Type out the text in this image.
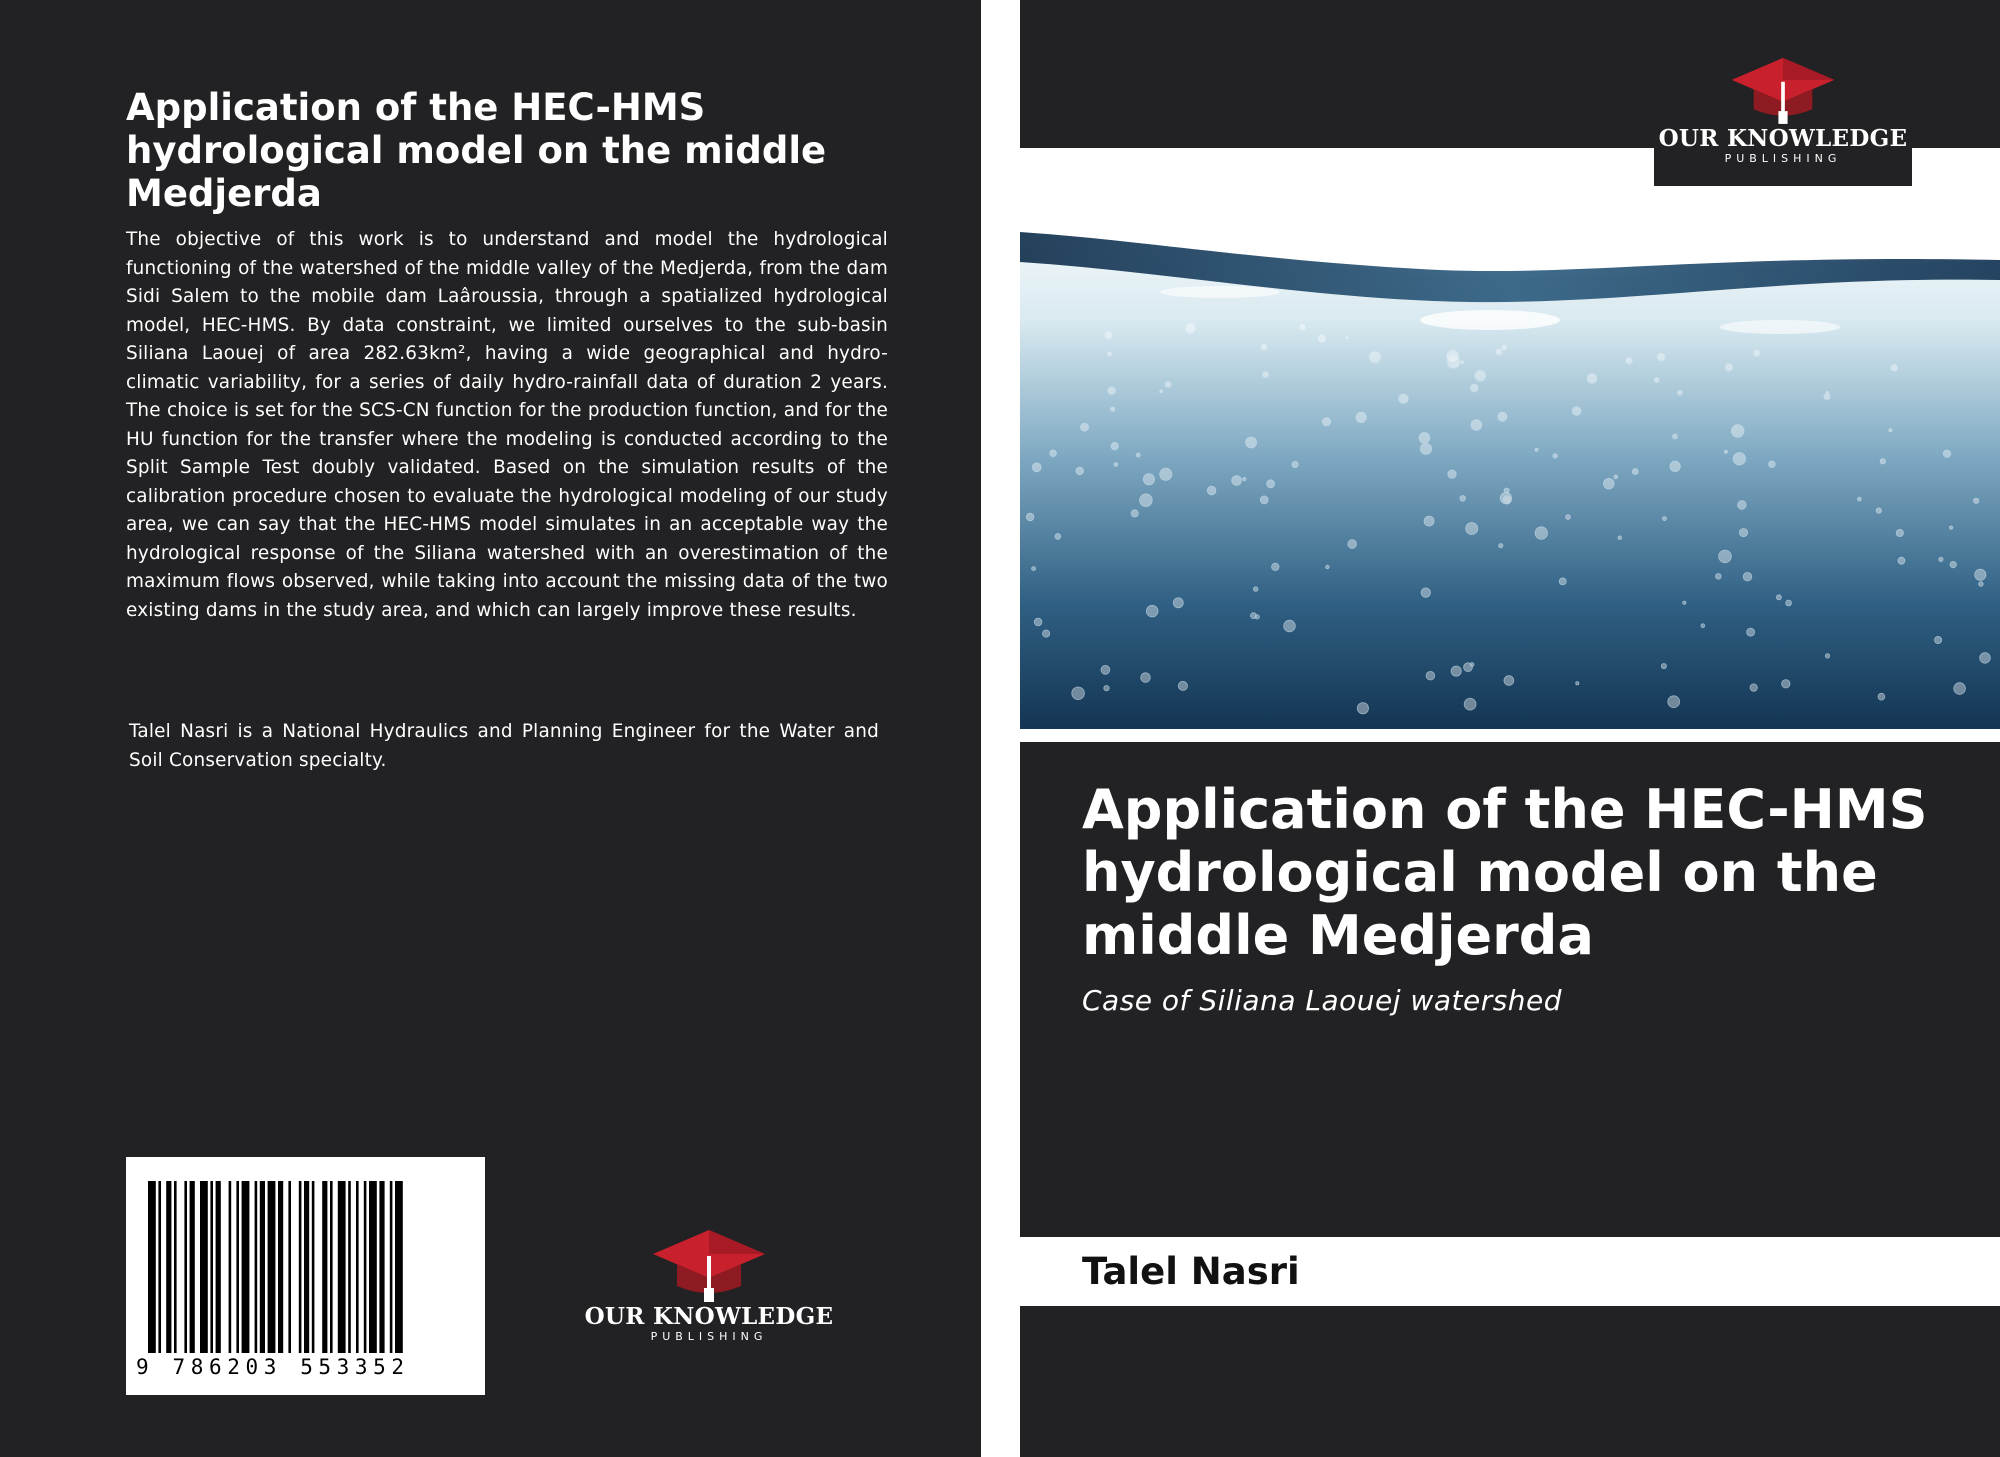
Application of the HEC-HMS hydrological model on the middle Medjerda
The objective of this work is to understand and model the hydrological functioning of the watershed of the middle valley of the Medjerda, from the dam Sidi Salem to the mobile dam Laâroussia, through a spatialized hydrological model, HEC-HMS. By data constraint, we limited ourselves to the sub-basin Siliana Laouej of area 282.63km², having a wide geographical and hydro-climatic variability, for a series of daily hydro-rainfall data of duration 2 years. The choice is set for the SCS-CN function for the production function, and for the HU function for the transfer where the modeling is conducted according to the Split Sample Test doubly validated. Based on the simulation results of the calibration procedure chosen to evaluate the hydrological modeling of our study area, we can say that the HEC-HMS model simulates in an acceptable way the hydrological response of the Siliana watershed with an overestimation of the maximum flows observed, while taking into account the missing data of the two existing dams in the study area, and which can largely improve these results.
Talel Nasri is a National Hydraulics and Planning Engineer for the Water and Soil Conservation specialty.
9 786203 553352
OUR KNOWLEDGE
PUBLISHING
OUR KNOWLEDGE
PUBLISHING
Application of the HEC-HMS hydrological model on the middle Medjerda
Case of Siliana Laouej watershed
Talel Nasri
